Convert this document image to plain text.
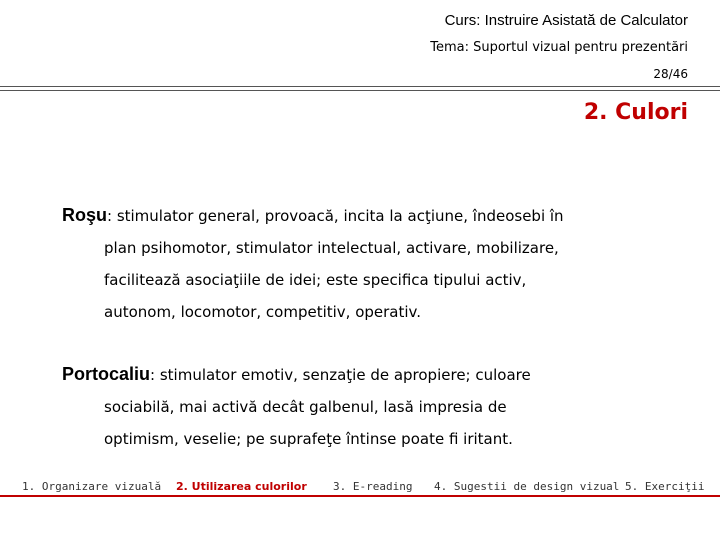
Curs: Instruire Asistată de Calculator
Tema: Suportul vizual pentru prezentări
28/46
2. Culori
Roşu: stimulator general, provoacă, incita la acţiune, îndeosebi în
plan psihomotor, stimulator intelectual, activare, mobilizare,
facilitează asociaţiile de idei; este specifica tipului activ,
autonom, locomotor, competitiv, operativ.
Portocaliu: stimulator emotiv, senzaţie de apropiere; culoare
sociabilă, mai activă decât galbenul, lasă impresia de
optimism, veselie; pe suprafeţe întinse poate fi iritant.
1. Organizare vizuală 2. Utilizarea culorilor 3. E-reading 4. Sugestii de design vizual 5. Exerciţii
